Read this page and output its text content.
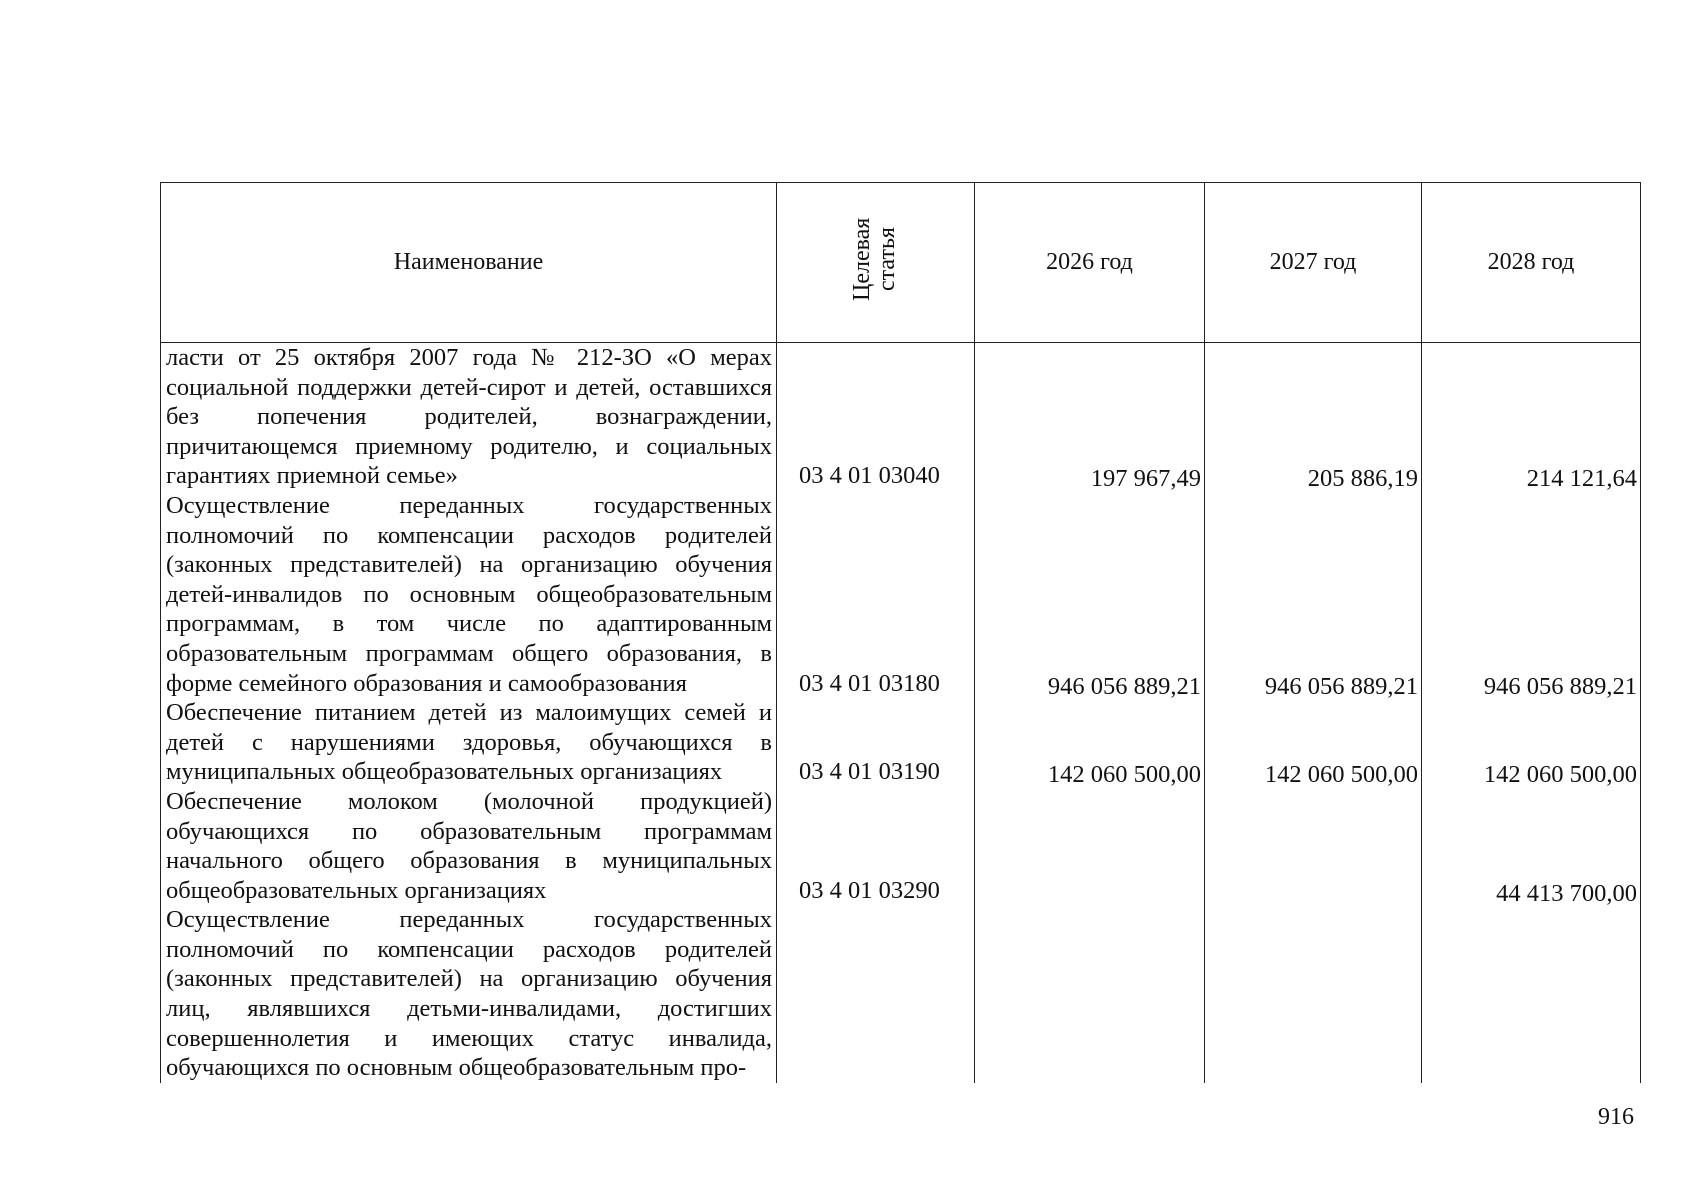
Наименование	Целевая статья	2026 год	2027 год	2028 год
ласти от 25 октября 2007 года № 212-ЗО «О мерах социальной поддержки детей-сирот и детей, оставшихся без попечения родителей, вознаграждении, причитающемся приемному родителю, и социальных гарантиях приемной семье»	03 4 01 03040	197 967,49	205 886,19	214 121,64
Осуществление переданных государственных полномочий по компенсации расходов родителей (законных представителей) на организацию обучения детей-инвалидов по основным общеобразовательным программам, в том числе по адаптированным образовательным программам общего образования, в форме семейного образования и самообразования	03 4 01 03180	946 056 889,21	946 056 889,21	946 056 889,21
Обеспечение питанием детей из малоимущих семей и детей с нарушениями здоровья, обучающихся в муниципальных общеобразовательных организациях	03 4 01 03190	142 060 500,00	142 060 500,00	142 060 500,00
Обеспечение молоком (молочной продукцией) обучающихся по образовательным программам начального общего образования в муниципальных общеобразовательных организациях	03 4 01 03290			44 413 700,00
Осуществление переданных государственных полномочий по компенсации расходов родителей (законных представителей) на организацию обучения лиц, являвшихся детьми-инвалидами, достигших совершеннолетия и имеющих статус инвалида, обучающихся по основным общеобразовательным про-				
916
